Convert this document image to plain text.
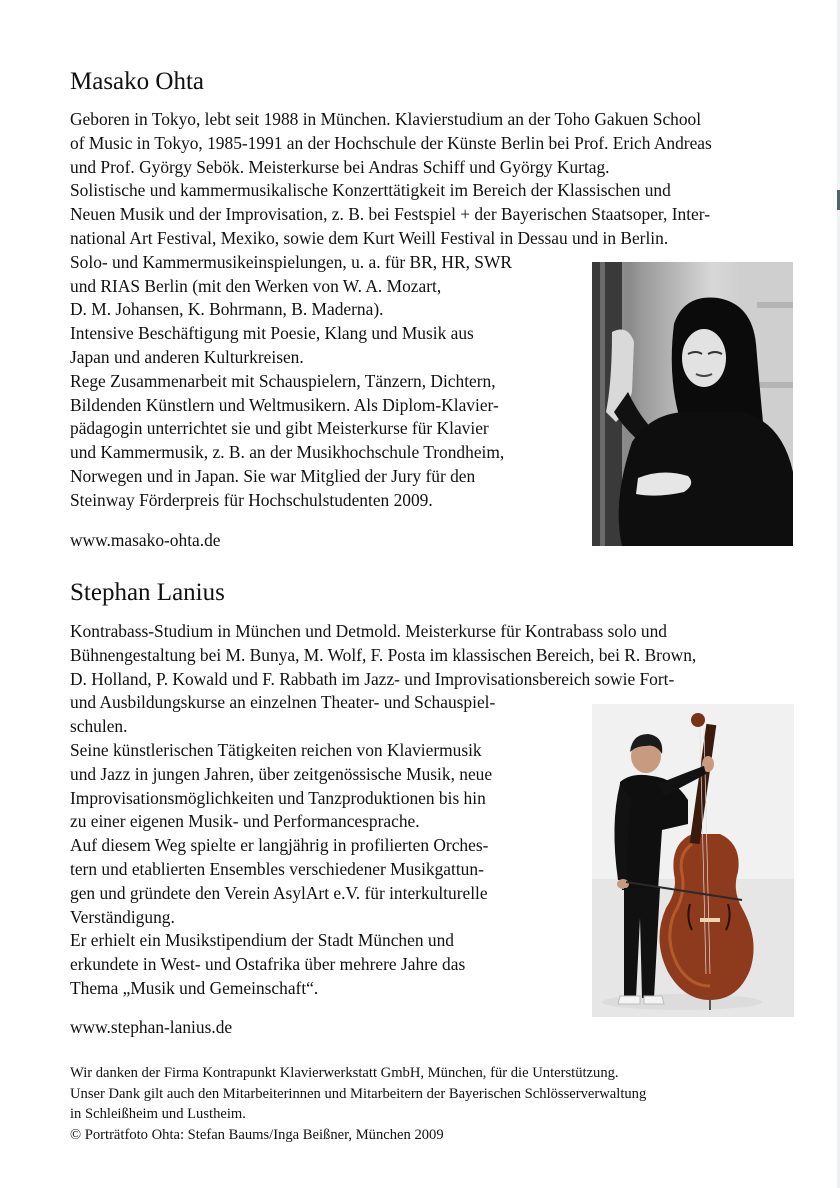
Masako Ohta
Geboren in Tokyo, lebt seit 1988 in München. Klavierstudium an der Toho Gakuen School
of Music in Tokyo, 1985-1991 an der Hochschule der Künste Berlin bei Prof. Erich Andreas
und Prof. György Sebök. Meisterkurse bei Andras Schiff und György Kurtag.
Solistische und kammermusikalische Konzerttätigkeit im Bereich der Klassischen und
Neuen Musik und der Improvisation, z. B. bei Festspiel + der Bayerischen Staatsoper, Inter-
national Art Festival, Mexiko, sowie dem Kurt Weill Festival in Dessau und in Berlin.
Solo- und Kammermusikeinspielungen, u. a. für BR, HR, SWR
und RIAS Berlin (mit den Werken von W. A. Mozart,
D. M. Johansen, K. Bohrmann, B. Maderna).
Intensive Beschäftigung mit Poesie, Klang und Musik aus
Japan und anderen Kulturkreisen.
Rege Zusammenarbeit mit Schauspielern, Tänzern, Dichtern,
Bildenden Künstlern und Weltmusikern. Als Diplom-Klavier-
pädagogin unterrichtet sie und gibt Meisterkurse für Klavier
und Kammermusik, z. B. an der Musikhochschule Trondheim,
Norwegen und in Japan. Sie war Mitglied der Jury für den
Steinway Förderpreis für Hochschulstudenten 2009.
www.masako-ohta.de
Stephan Lanius
Kontrabass-Studium in München und Detmold. Meisterkurse für Kontrabass solo und
Bühnengestaltung bei M. Bunya, M. Wolf, F. Posta im klassischen Bereich, bei R. Brown,
D. Holland, P. Kowald und F. Rabbath im Jazz- und Improvisationsbereich sowie Fort-
und Ausbildungskurse an einzelnen Theater- und Schauspiel-
schulen.
Seine künstlerischen Tätigkeiten reichen von Klaviermusik
und Jazz in jungen Jahren, über zeitgenössische Musik, neue
Improvisationsmöglichkeiten und Tanzproduktionen bis hin
zu einer eigenen Musik- und Performancesprache.
Auf diesem Weg spielte er langjährig in profilierten Orches-
tern und etablierten Ensembles verschiedener Musikgattun-
gen und gründete den Verein AsylArt e.V. für interkulturelle
Verständigung.
Er erhielt ein Musikstipendium der Stadt München und
erkundete in West- und Ostafrika über mehrere Jahre das
Thema „Musik und Gemeinschaft“.
www.stephan-lanius.de
Wir danken der Firma Kontrapunkt Klavierwerkstatt GmbH, München, für die Unterstützung.
Unser Dank gilt auch den Mitarbeiterinnen und Mitarbeitern der Bayerischen Schlösserverwaltung
in Schleißheim und Lustheim.
© Porträtfoto Ohta: Stefan Baums/Inga Beißner, München 2009
